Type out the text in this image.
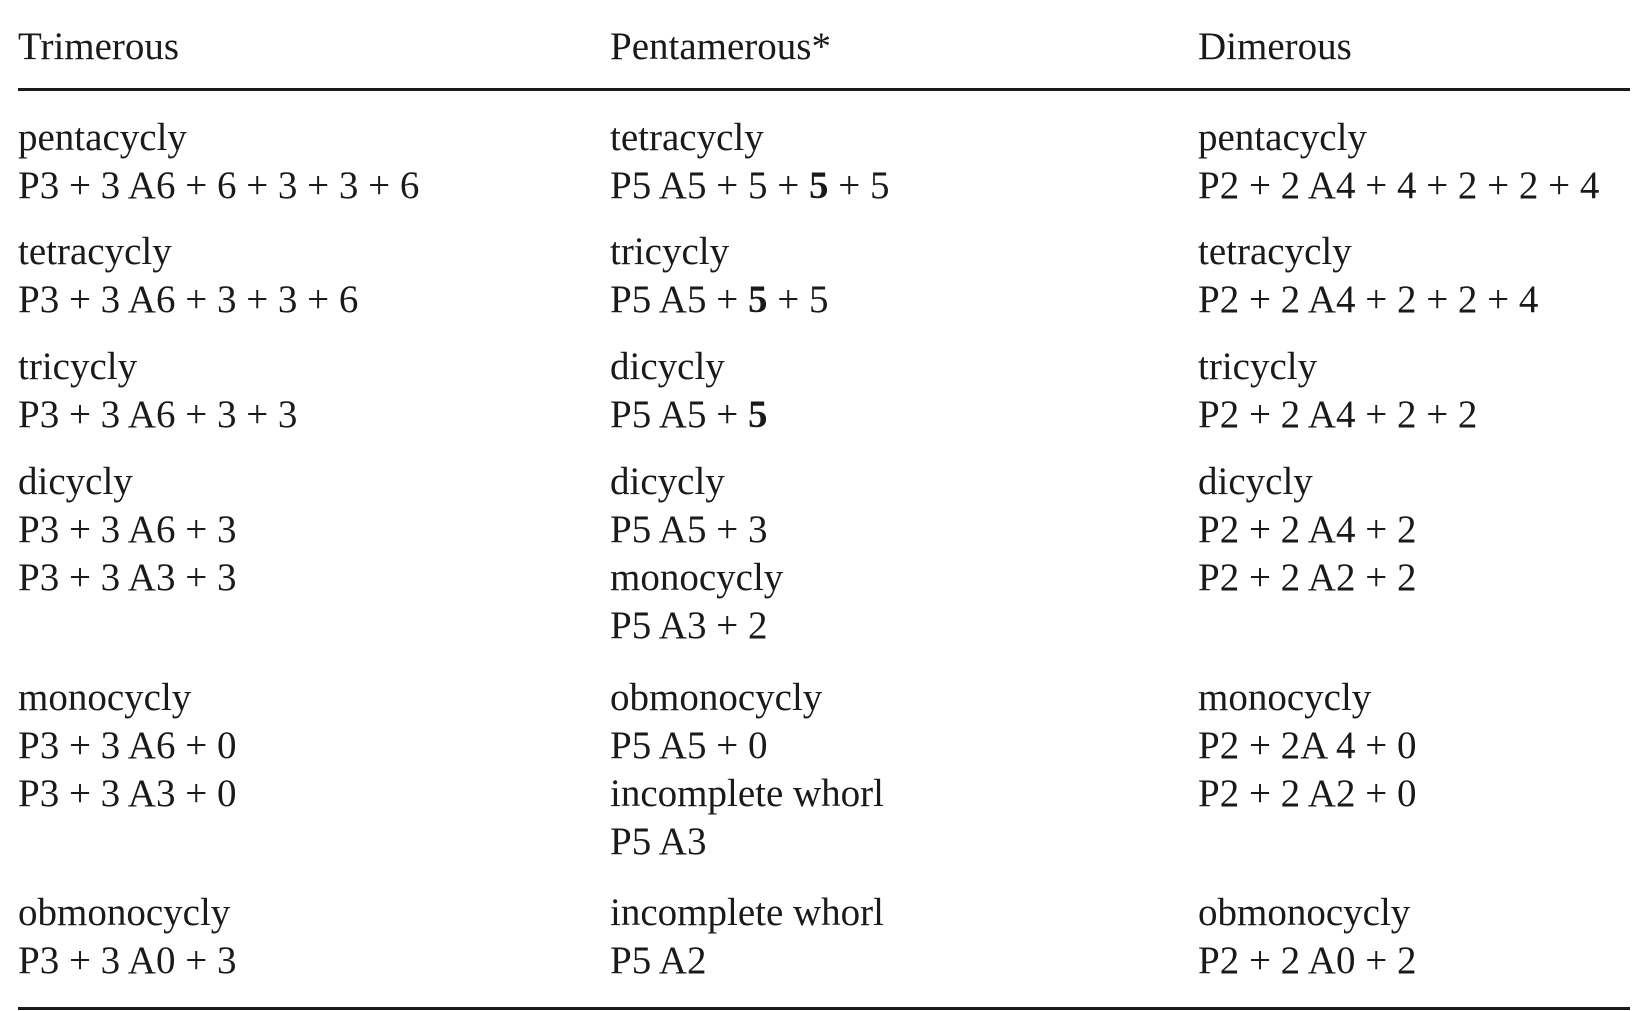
Trimerous	Pentamerous*	Dimerous
pentacycly
P3 + 3 A6 + 6 + 3 + 3 + 6
tetracycly
P5 A5 + 5 + 5 + 5
pentacycly
P2 + 2 A4 + 4 + 2 + 2 + 4
tetracycly
P3 + 3 A6 + 3 + 3 + 6
tricycly
P5 A5 + 5 + 5
tetracycly
P2 + 2 A4 + 2 + 2 + 4
tricycly
P3 + 3 A6 + 3 + 3
dicycly
P5 A5 + 5
tricycly
P2 + 2 A4 + 2 + 2
dicycly
P3 + 3 A6 + 3
P3 + 3 A3 + 3
dicycly
P5 A5 + 3
monocycly
P5 A3 + 2
dicycly
P2 + 2 A4 + 2
P2 + 2 A2 + 2
monocycly
P3 + 3 A6 + 0
P3 + 3 A3 + 0
obmonocycly
P5 A5 + 0
incomplete whorl
P5 A3
monocycly
P2 + 2A 4 + 0
P2 + 2 A2 + 0
obmonocycly
P3 + 3 A0 + 3
incomplete whorl
P5 A2
obmonocycly
P2 + 2 A0 + 2
